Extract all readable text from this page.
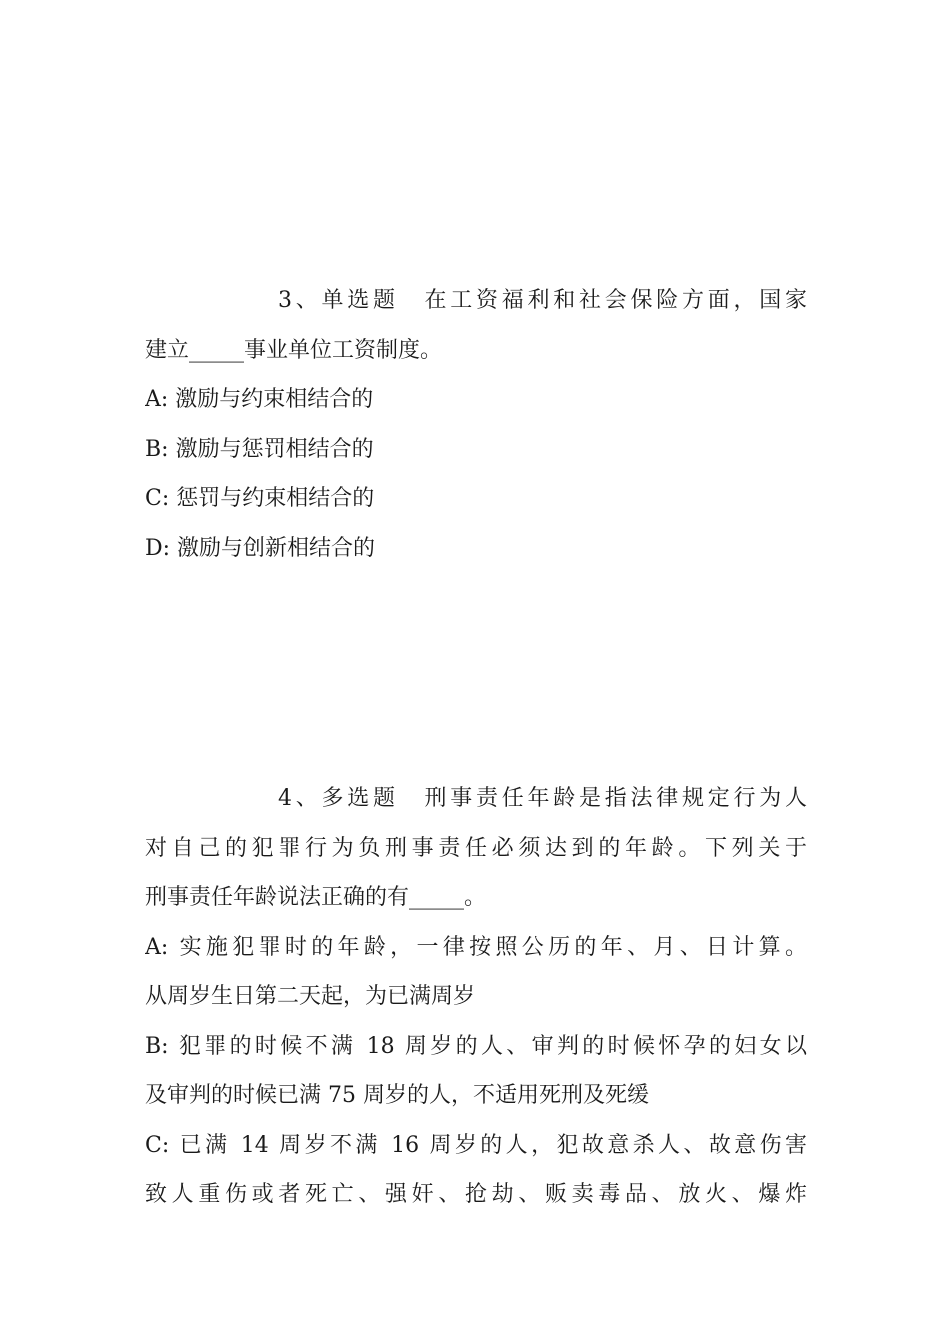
3、单选题 在工资福利和社会保险方面，国家
建立_____事业单位工资制度。
A: 激励与约束相结合的
B: 激励与惩罚相结合的
C: 惩罚与约束相结合的
D: 激励与创新相结合的
4、多选题 刑事责任年龄是指法律规定行为人
对自己的犯罪行为负刑事责任必须达到的年龄。下列关于
刑事责任年龄说法正确的有_____。
A: 实施犯罪时的年龄，一律按照公历的年、月、日计算。
从周岁生日第二天起，为已满周岁
B: 犯罪的时候不满 18 周岁的人、审判的时候怀孕的妇女以
及审判的时候已满 75 周岁的人，不适用死刑及死缓
C: 已满 14 周岁不满 16 周岁的人，犯故意杀人、故意伤害
致人重伤或者死亡、强奸、抢劫、贩卖毒品、放火、爆炸
